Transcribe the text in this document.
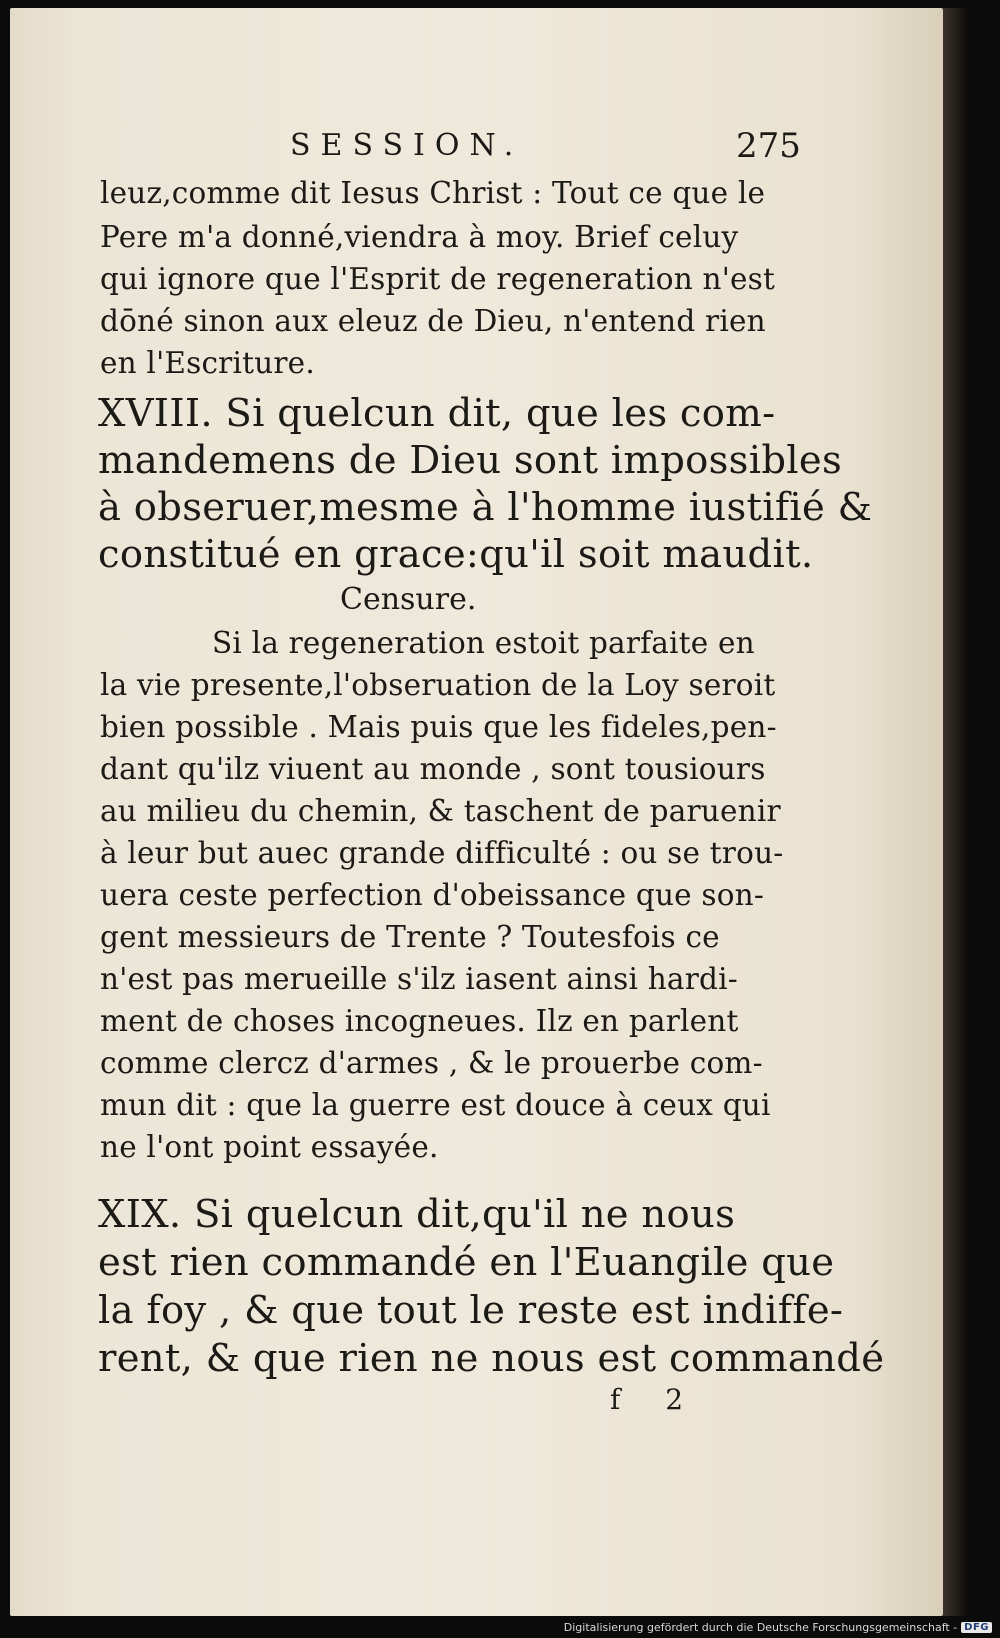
SESSION.	275
leuz,comme dit Iesus Christ : Tout ce que le
Pere m'a donné,viendra à moy. Brief celuy
qui ignore que l'Esprit de regeneration n'est
dōné sinon aux eleuz de Dieu, n'entend rien
en l'Escriture.
XVIII. Si quelcun dit, que les com-
mandemens de Dieu sont impossibles
à obseruer,mesme à l'homme iustifié &
constitué en grace:qu'il soit maudit.
Censure.
Si la regeneration estoit parfaite en
la vie presente,l'obseruation de la Loy seroit
bien possible . Mais puis que les fideles,pen-
dant qu'ilz viuent au monde , sont tousiours
au milieu du chemin, & taschent de paruenir
à leur but auec grande difficulté : ou se trou-
uera ceste perfection d'obeissance que son-
gent messieurs de Trente ? Toutesfois ce
n'est pas merueille s'ilz iasent ainsi hardi-
ment de choses incogneues. Ilz en parlent
comme clercz d'armes , & le prouerbe com-
mun dit : que la guerre est douce à ceux qui
ne l'ont point essayée.
XIX. Si quelcun dit,qu'il ne nous
est rien commandé en l'Euangile que
la foy , & que tout le reste est indiffe-
rent, & que rien ne nous est commandé
f 2
Digitalisierung gefördert durch die Deutsche Forschungsgemeinschaft - DFG
